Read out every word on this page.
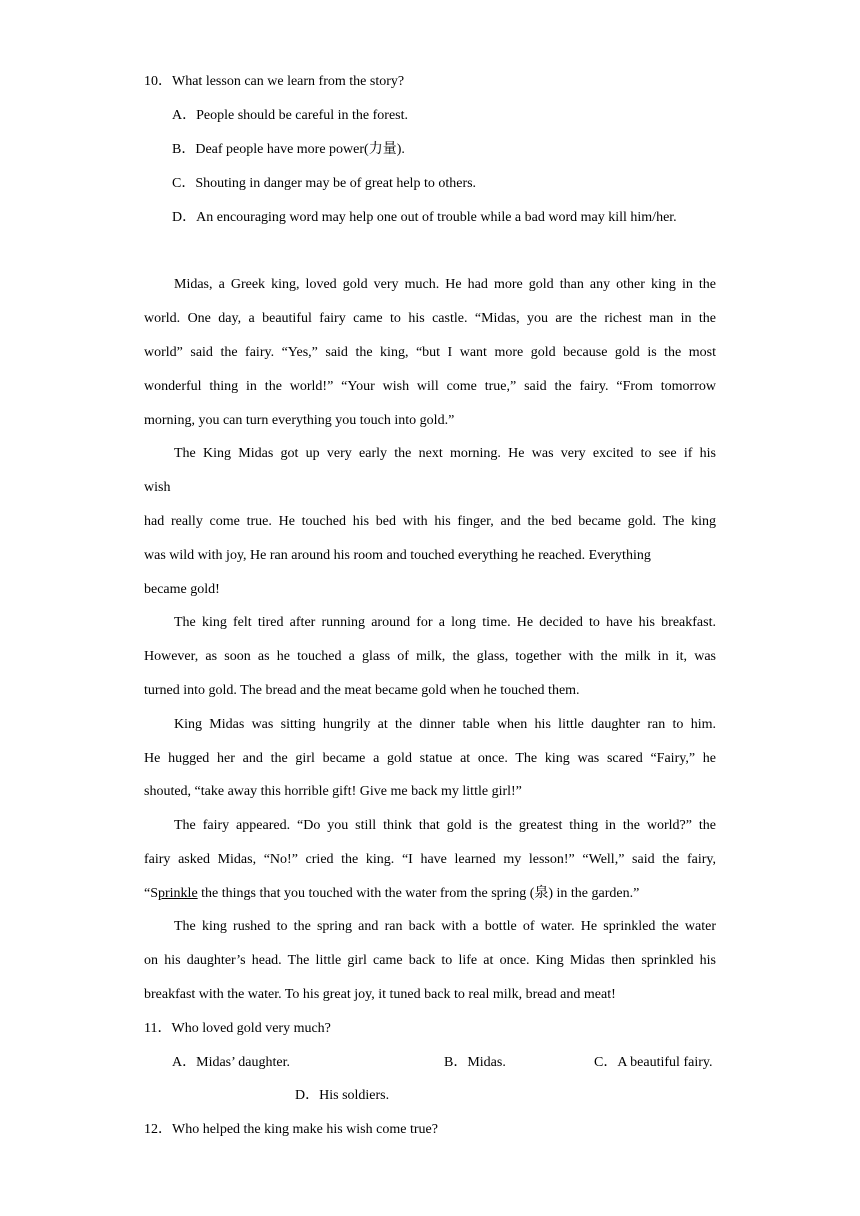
10．What lesson can we learn from the story?
A．People should be careful in the forest.
B．Deaf people have more power(力量).
C．Shouting in danger may be of great help to others.
D．An encouraging word may help one out of trouble while a bad word may kill him/her.
Midas, a Greek king, loved gold very much. He had more gold than any other king in the
world. One day, a beautiful fairy came to his castle. “Midas, you are the richest man in the
world” said the fairy. “Yes,” said the king, “but I want more gold because gold is the most
wonderful thing in the world!” “Your wish will come true,” said the fairy. “From tomorrow
morning, you can turn everything you touch into gold.”
The King Midas got up very early the next morning. He was very excited to see if his
wish
had really come true. He touched his bed with his finger, and the bed became gold. The king
was wild with joy, He ran around his room and touched everything he reached. Everything
became gold!
The king felt tired after running around for a long time. He decided to have his breakfast.
However, as soon as he touched a glass of milk, the glass, together with the milk in it, was
turned into gold. The bread and the meat became gold when he touched them.
King Midas was sitting hungrily at the dinner table when his little daughter ran to him.
He hugged her and the girl became a gold statue at once. The king was scared “Fairy,” he
shouted, “take away this horrible gift! Give me back my little girl!”
The fairy appeared. “Do you still think that gold is the greatest thing in the world?” the
fairy asked Midas, “No!” cried the king. “I have learned my lesson!” “Well,” said the fairy,
“Sprinkle the things that you touched with the water from the spring (泉) in the garden.”
The king rushed to the spring and ran back with a bottle of water. He sprinkled the water
on his daughter’s head. The little girl came back to life at once. King Midas then sprinkled his
breakfast with the water. To his great joy, it tuned back to real milk, bread and meat!
11．Who loved gold very much?
A．Midas’ daughter.	B．Midas.	C．A beautiful fairy.
D．His soldiers.
12．Who helped the king make his wish come true?
